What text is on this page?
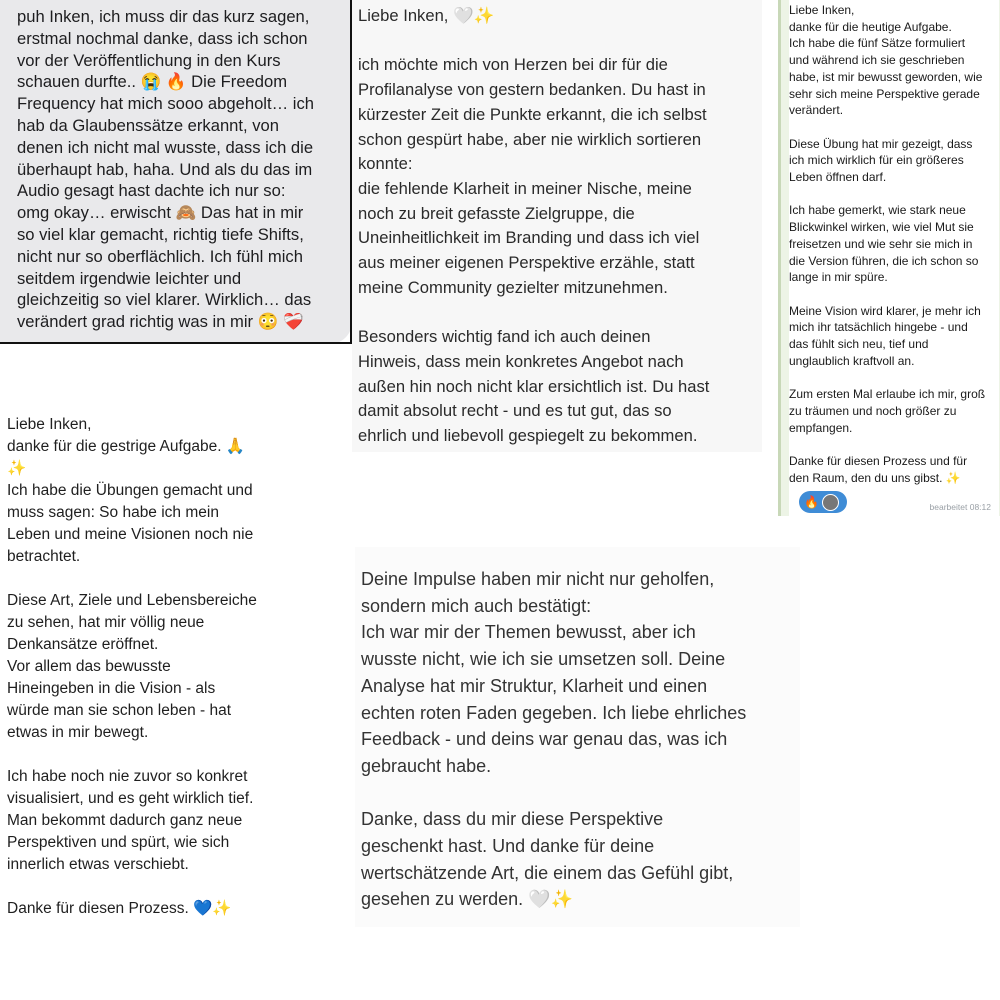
puh Inken, ich muss dir das kurz sagen,
erstmal nochmal danke, dass ich schon
vor der Veröffentlichung in den Kurs
schauen durfte.. 😭 🔥 Die Freedom
Frequency hat mich sooo abgeholt… ich
hab da Glaubenssätze erkannt, von
denen ich nicht mal wusste, dass ich die
überhaupt hab, haha. Und als du das im
Audio gesagt hast dachte ich nur so:
omg okay… erwischt 🙈 Das hat in mir
so viel klar gemacht, richtig tiefe Shifts,
nicht nur so oberflächlich. Ich fühl mich
seitdem irgendwie leichter und
gleichzeitig so viel klarer. Wirklich… das
verändert grad richtig was in mir 😳 ❤️‍🩹

Liebe Inken, 🤍✨

ich möchte mich von Herzen bei dir für die
Profilanalyse von gestern bedanken. Du hast in
kürzester Zeit die Punkte erkannt, die ich selbst
schon gespürt habe, aber nie wirklich sortieren
konnte:
die fehlende Klarheit in meiner Nische, meine
noch zu breit gefasste Zielgruppe, die
Uneinheitlichkeit im Branding und dass ich viel
aus meiner eigenen Perspektive erzähle, statt
meine Community gezielter mitzunehmen.

Besonders wichtig fand ich auch deinen
Hinweis, dass mein konkretes Angebot nach
außen hin noch nicht klar ersichtlich ist. Du hast
damit absolut recht - und es tut gut, das so
ehrlich und liebevoll gespiegelt zu bekommen.

Liebe Inken,
danke für die heutige Aufgabe.
Ich habe die fünf Sätze formuliert
und während ich sie geschrieben
habe, ist mir bewusst geworden, wie
sehr sich meine Perspektive gerade
verändert.

Diese Übung hat mir gezeigt, dass
ich mich wirklich für ein größeres
Leben öffnen darf.

Ich habe gemerkt, wie stark neue
Blickwinkel wirken, wie viel Mut sie
freisetzen und wie sehr sie mich in
die Version führen, die ich schon so
lange in mir spüre.

Meine Vision wird klarer, je mehr ich
mich ihr tatsächlich hingebe - und
das fühlt sich neu, tief und
unglaublich kraftvoll an.

Zum ersten Mal erlaube ich mir, groß
zu träumen und noch größer zu
empfangen.

Danke für diesen Prozess und für
den Raum, den du uns gibst. ✨

🔥	bearbeitet 08:12

Liebe Inken,
danke für die gestrige Aufgabe. 🙏
✨
Ich habe die Übungen gemacht und
muss sagen: So habe ich mein
Leben und meine Visionen noch nie
betrachtet.

Diese Art, Ziele und Lebensbereiche
zu sehen, hat mir völlig neue
Denkansätze eröffnet.
Vor allem das bewusste
Hineingeben in die Vision - als
würde man sie schon leben - hat
etwas in mir bewegt.

Ich habe noch nie zuvor so konkret
visualisiert, und es geht wirklich tief.
Man bekommt dadurch ganz neue
Perspektiven und spürt, wie sich
innerlich etwas verschiebt.

Danke für diesen Prozess. 💙✨

Deine Impulse haben mir nicht nur geholfen,
sondern mich auch bestätigt:
Ich war mir der Themen bewusst, aber ich
wusste nicht, wie ich sie umsetzen soll. Deine
Analyse hat mir Struktur, Klarheit und einen
echten roten Faden gegeben. Ich liebe ehrliches
Feedback - und deins war genau das, was ich
gebraucht habe.

Danke, dass du mir diese Perspektive
geschenkt hast. Und danke für deine
wertschätzende Art, die einem das Gefühl gibt,
gesehen zu werden. 🤍✨
